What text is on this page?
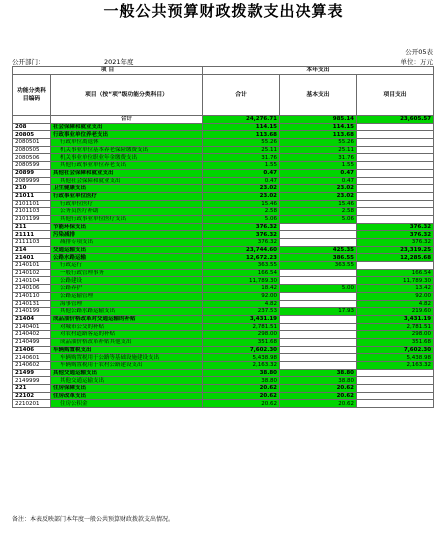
一般公共预算财政拨款支出决算表
公开05表
公开部门：	2021年度	单位：万元
项 目		本年支出		
功能分类科目编码	项目（按“项”级功能分类科目）	合计	基本支出	项目支出
	合计	24,276.71	985.14	23,605.57
208	社会保障和就业支出	114.15	114.15	
20805	行政事业单位养老支出	113.68	113.68	
2080501	行政单位离退休	55.26	55.26	
2080505	机关事业单位基本养老保险缴费支出	25.11	25.11	
2080506	机关事业单位职业年金缴费支出	31.76	31.76	
2080599	其他行政事业单位养老支出	1.55	1.55	
20899	其他社会保障和就业支出	0.47	0.47	
2089999	其他社会保障和就业支出	0.47	0.47	
210	卫生健康支出	23.02	23.02	
21011	行政事业单位医疗	23.02	23.02	
2101101	行政单位医疗	15.46	15.46	
2101103	公务员医疗补助	2.58	2.58	
2101199	其他行政事业单位医疗支出	5.06	5.06	
211	节能环保支出	376.32		376.32
21111	污染减排	376.32		376.32
2111103	减排专项支出	376.32		376.32
214	交通运输支出	23,744.60	425.35	23,319.25
21401	公路水路运输	12,672.23	386.55	12,285.68
2140101	行政运行	363.55	363.55	
2140102	一般行政管理事务	166.54		166.54
2140104	公路建设	11,789.30		11,789.30
2140106	公路养护	18.42	5.00	13.42
2140110	公路运输管理	92.00		92.00
2140131	海事管理	4.82		4.82
2140199	其他公路水路运输支出	237.53	17.93	219.60
21404	成品油价格改革对交通运输的补贴	3,431.19		3,431.19
2140401	对城市公交的补贴	2,781.51		2,781.51
2140402	对农村道路客运的补贴	298.00		298.00
2140499	成品油价格改革补贴其他支出	351.68		351.68
21406	车辆购置税支出	7,602.30		7,602.30
2140601	车辆购置税用于公路等基础设施建设支出	5,438.98		5,438.98
2140602	车辆购置税用于农村公路建设支出	2,163.32		2,163.32
21499	其他交通运输支出	38.80	38.80	
2149999	其他交通运输支出	38.80	38.80	
221	住房保障支出	20.62	20.62	
22102	住房改革支出	20.62	20.62	
2210201	住房公积金	20.62	20.62	
备注：本表反映部门本年度一般公共预算财政拨款支出情况。
